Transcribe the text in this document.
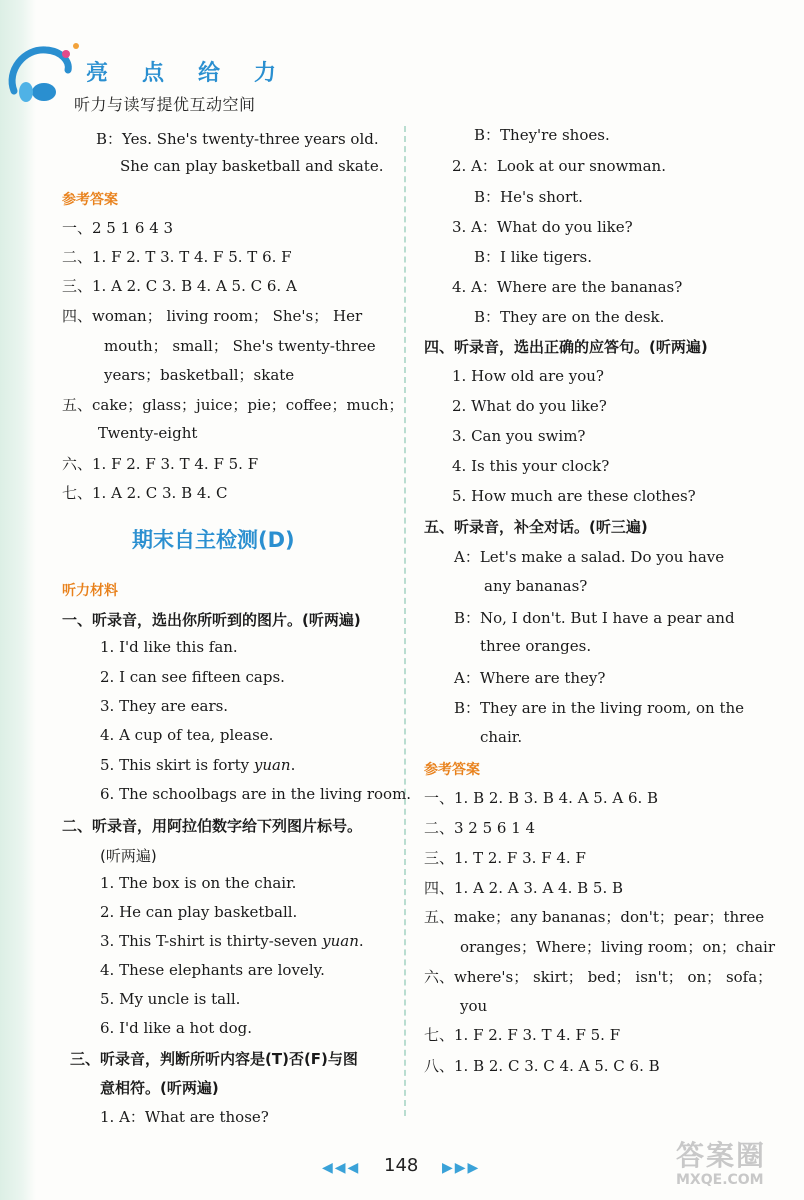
亮 点 给 力
听力与读写提优互动空间
B：Yes. She's twenty-three years old.
She can play basketball and skate.
参考答案
一、2 5 1 6 4 3
二、1. F 2. T 3. T 4. F 5. T 6. F
三、1. A 2. C 3. B 4. A 5. C 6. A
四、woman； living room； She's； Her
mouth； small； She's twenty-three
years；basketball；skate
五、cake；glass；juice；pie；coffee；much；
Twenty-eight
六、1. F 2. F 3. T 4. F 5. F
七、1. A 2. C 3. B 4. C
期末自主检测(D)
听力材料
一、听录音，选出你所听到的图片。(听两遍)
1. I'd like this fan.
2. I can see fifteen caps.
3. They are ears.
4. A cup of tea, please.
5. This skirt is forty yuan.
6. The schoolbags are in the living room.
二、听录音，用阿拉伯数字给下列图片标号。
(听两遍)
1. The box is on the chair.
2. He can play basketball.
3. This T-shirt is thirty-seven yuan.
4. These elephants are lovely.
5. My uncle is tall.
6. I'd like a hot dog.
三、听录音，判断所听内容是(T)否(F)与图
意相符。(听两遍)
1. A：What are those?
B：They're shoes.
2. A：Look at our snowman.
B：He's short.
3. A：What do you like?
B：I like tigers.
4. A：Where are the bananas?
B：They are on the desk.
四、听录音，选出正确的应答句。(听两遍)
1. How old are you?
2. What do you like?
3. Can you swim?
4. Is this your clock?
5. How much are these clothes?
五、听录音，补全对话。(听三遍)
A：Let's make a salad. Do you have
any bananas?
B：No, I don't. But I have a pear and
three oranges.
A：Where are they?
B：They are in the living room, on the
chair.
参考答案
一、1. B 2. B 3. B 4. A 5. A 6. B
二、3 2 5 6 1 4
三、1. T 2. F 3. F 4. F
四、1. A 2. A 3. A 4. B 5. B
五、make；any bananas；don't；pear；three
oranges；Where；living room；on；chair
六、where's； skirt； bed； isn't； on； sofa；
you
七、1. F 2. F 3. T 4. F 5. F
八、1. B 2. C 3. C 4. A 5. C 6. B
◀◀◀ 148 ▶▶▶	答案圈
MXQE.COM
